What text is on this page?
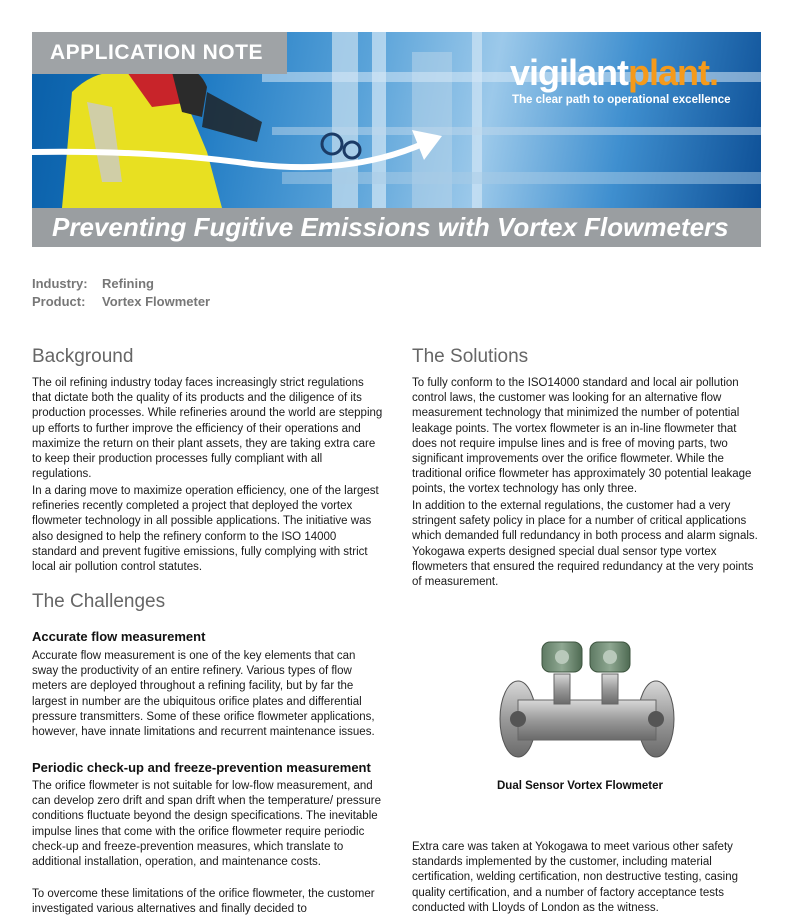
APPLICATION NOTE	vigilantplant.
The clear path to operational excellence
Preventing Fugitive Emissions with Vortex Flowmeters
Industry: Refining
Product: Vortex Flowmeter
Background

The oil refining industry today faces increasingly strict regulations that dictate both the quality of its products and the diligence of its production processes. While refineries around the world are stepping up efforts to further improve the efficiency of their operations and maximize the return on their plant assets, they are taking extra care to keep their production processes fully compliant with all regulations.

In a daring move to maximize operation efficiency, one of the largest refineries recently completed a project that deployed the vortex flowmeter technology in all possible applications. The initiative was also designed to help the refinery conform to the ISO 14000 standard and prevent fugitive emissions, fully complying with strict local air pollution control statutes.

The Challenges
Accurate flow measurement

Accurate flow measurement is one of the key elements that can sway the productivity of an entire refinery. Various types of flow meters are deployed throughout a refining facility, but by far the largest in number are the ubiquitous orifice plates and differential pressure transmitters. Some of these orifice flowmeter applications, however, have innate limitations and recurrent maintenance issues.

Periodic check-up and freeze-prevention measurement

The orifice flowmeter is not suitable for low-flow measurement, and can develop zero drift and span drift when the temperature/ pressure conditions fluctuate beyond the design specifications. The inevitable impulse lines that come with the orifice flowmeter require periodic check-up and freeze-prevention measures, which translate to additional installation, operation, and maintenance costs.

To overcome these limitations of the orifice flowmeter, the customer investigated various alternatives and finally decided to

The Solutions

To fully conform to the ISO14000 standard and local air pollution control laws, the customer was looking for an alternative flow measurement technology that minimized the number of potential leakage points. The vortex flowmeter is an in-line flowmeter that does not require impulse lines and is free of moving parts, two significant improvements over the orifice flowmeter. While the traditional orifice flowmeter has approximately 30 potential leakage points, the vortex technology has only three.

In addition to the external regulations, the customer had a very stringent safety policy in place for a number of critical applications which demanded full redundancy in both process and alarm signals. Yokogawa experts designed special dual sensor type vortex flowmeters that ensured the required redundancy at the very points of measurement.

Dual Sensor Vortex Flowmeter

Extra care was taken at Yokogawa to meet various other safety standards implemented by the customer, including material certification, welding certification, non destructive testing, casing quality certification, and a number of factory acceptance tests conducted with Lloyds of London as the witness.
